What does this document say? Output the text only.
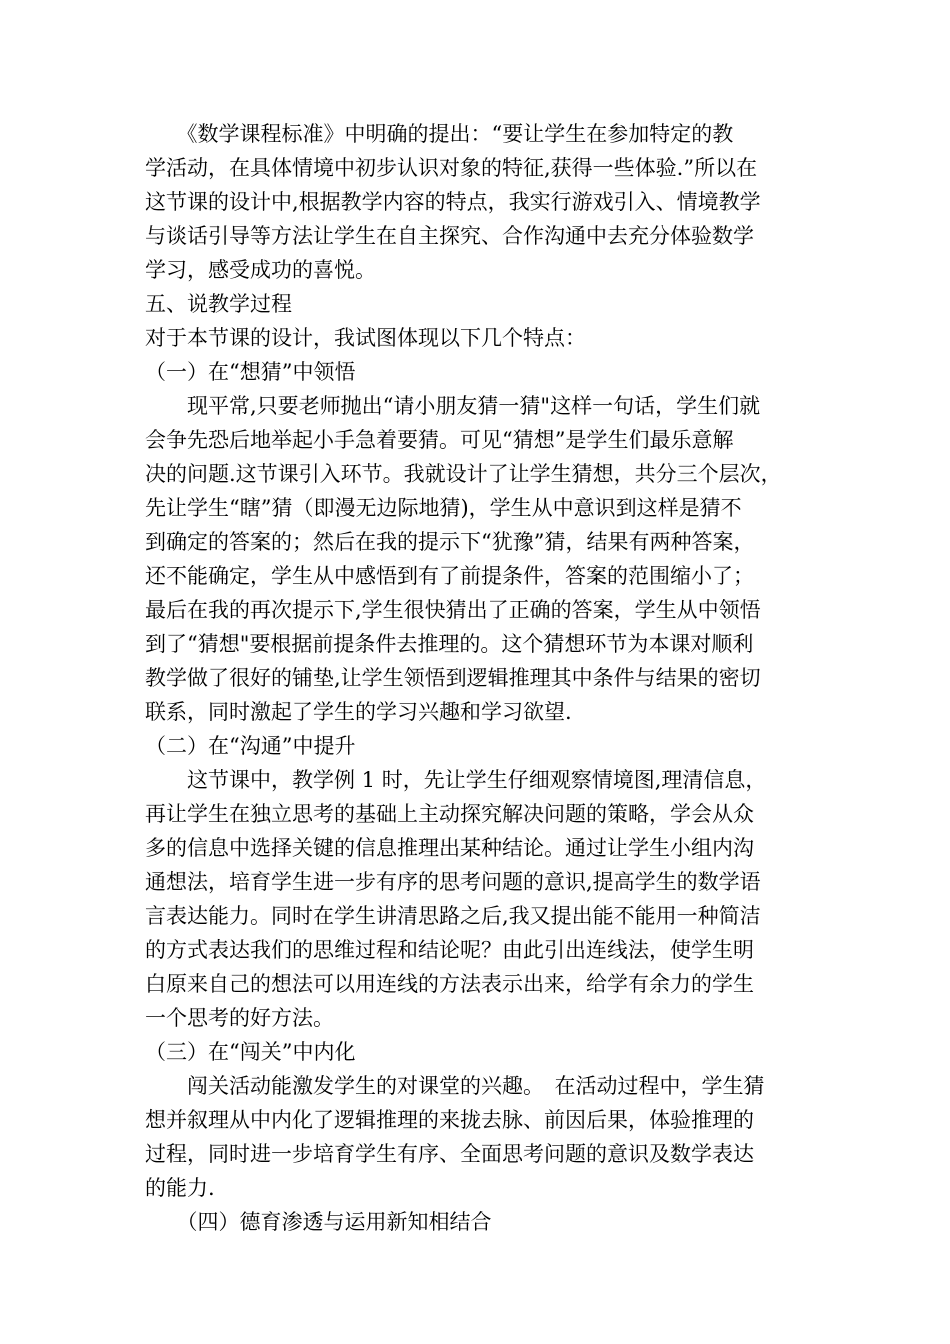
　　《数学课程标准》中明确的提出：“要让学生在参加特定的教
学活动，在具体情境中初步认识对象的特征,获得一些体验.”所以在
这节课的设计中,根据教学内容的特点，我实行游戏引入、情境教学
与谈话引导等方法让学生在自主探究、合作沟通中去充分体验数学
学习，感受成功的喜悦。
五、说教学过程
对于本节课的设计，我试图体现以下几个特点：
（一）在“想猜”中领悟
　　现平常,只要老师抛出“请小朋友猜一猜"这样一句话，学生们就
会争先恐后地举起小手急着要猜。可见“猜想”是学生们最乐意解
决的问题.这节课引入环节。我就设计了让学生猜想，共分三个层次，
先让学生“瞎”猜（即漫无边际地猜)，学生从中意识到这样是猜不
到确定的答案的；然后在我的提示下“犹豫”猜，结果有两种答案，
还不能确定，学生从中感悟到有了前提条件，答案的范围缩小了；
最后在我的再次提示下,学生很快猜出了正确的答案，学生从中领悟
到了“猜想"要根据前提条件去推理的。这个猜想环节为本课对顺利
教学做了很好的铺垫,让学生领悟到逻辑推理其中条件与结果的密切
联系，同时激起了学生的学习兴趣和学习欲望.
（二）在“沟通”中提升
　　这节课中，教学例 1 时，先让学生仔细观察情境图,理清信息，
再让学生在独立思考的基础上主动探究解决问题的策略，学会从众
多的信息中选择关键的信息推理出某种结论。通过让学生小组内沟
通想法，培育学生进一步有序的思考问题的意识,提高学生的数学语
言表达能力。同时在学生讲清思路之后,我又提出能不能用一种简洁
的方式表达我们的思维过程和结论呢？由此引出连线法，使学生明
白原来自己的想法可以用连线的方法表示出来，给学有余力的学生
一个思考的好方法。
（三）在“闯关”中内化
　　闯关活动能激发学生的对课堂的兴趣。　在活动过程中，学生猜
想并叙理从中内化了逻辑推理的来拢去脉、前因后果，体验推理的
过程，同时进一步培育学生有序、全面思考问题的意识及数学表达
的能力.
　　（四）德育渗透与运用新知相结合
